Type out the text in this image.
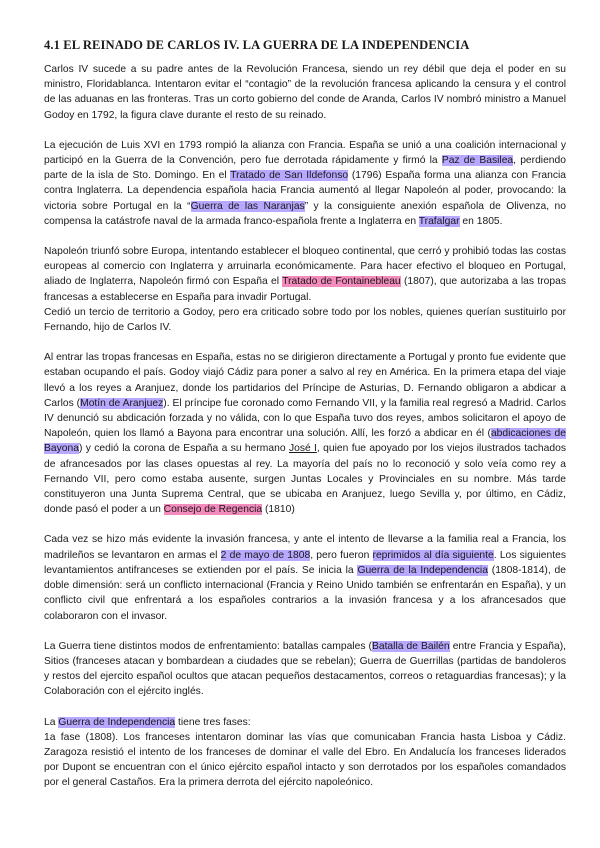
4.1 EL REINADO DE CARLOS IV. LA GUERRA DE LA INDEPENDENCIA

Carlos IV sucede a su padre antes de la Revolución Francesa, siendo un rey débil que deja el poder en su ministro, Floridablanca. Intentaron evitar el “contagio” de la revolución francesa aplicando la censura y el control de las aduanas en las fronteras. Tras un corto gobierno del conde de Aranda, Carlos IV nombró ministro a Manuel Godoy en 1792, la figura clave durante el resto de su reinado.

La ejecución de Luis XVI en 1793 rompió la alianza con Francia. España se unió a una coalición internacional y participó en la Guerra de la Convención, pero fue derrotada rápidamente y firmó la Paz de Basilea, perdiendo parte de la isla de Sto. Domingo. En el Tratado de San Ildefonso (1796) España forma una alianza con Francia contra Inglaterra. La dependencia española hacia Francia aumentó al llegar Napoleón al poder, provocando: la victoria sobre Portugal en la “Guerra de las Naranjas” y la consiguiente anexión española de Olivenza, no compensa la catástrofe naval de la armada franco-española frente a Inglaterra en Trafalgar en 1805.

Napoleón triunfó sobre Europa, intentando establecer el bloqueo continental, que cerró y prohibió todas las costas europeas al comercio con Inglaterra y arruinarla económicamente. Para hacer efectivo el bloqueo en Portugal, aliado de Inglaterra, Napoleón firmó con España el Tratado de Fontainebleau (1807), que autorizaba a las tropas francesas a establecerse en España para invadir Portugal.

Cedió un tercio de territorio a Godoy, pero era criticado sobre todo por los nobles, quienes querían sustituirlo por Fernando, hijo de Carlos IV.

Al entrar las tropas francesas en España, estas no se dirigieron directamente a Portugal y pronto fue evidente que estaban ocupando el país. Godoy viajó Cádiz para poner a salvo al rey en América. En la primera etapa del viaje llevó a los reyes a Aranjuez, donde los partidarios del Príncipe de Asturias, D. Fernando obligaron a abdicar a Carlos (Motín de Aranjuez). El príncipe fue coronado como Fernando VII, y la familia real regresó a Madrid. Carlos IV denunció su abdicación forzada y no válida, con lo que España tuvo dos reyes, ambos solicitaron el apoyo de Napoleón, quien los llamó a Bayona para encontrar una solución. Allí, les forzó a abdicar en él (abdicaciones de Bayona) y cedió la corona de España a su hermano José I, quien fue apoyado por los viejos ilustrados tachados de afrancesados por las clases opuestas al rey. La mayoría del país no lo reconoció y solo veía como rey a Fernando VII, pero como estaba ausente, surgen Juntas Locales y Provinciales en su nombre. Más tarde constituyeron una Junta Suprema Central, que se ubicaba en Aranjuez, luego Sevilla y, por último, en Cádiz, donde pasó el poder a un Consejo de Regencia (1810)

Cada vez se hizo más evidente la invasión francesa, y ante el intento de llevarse a la familia real a Francia, los madrileños se levantaron en armas el 2 de mayo de 1808, pero fueron reprimidos al día siguiente. Los siguientes levantamientos antifranceses se extienden por el país. Se inicia la Guerra de la Independencia (1808-1814), de doble dimensión: será un conflicto internacional (Francia y Reino Unido también se enfrentarán en España), y un conflicto civil que enfrentará a los españoles contrarios a la invasión francesa y a los afrancesados que colaboraron con el invasor.

La Guerra tiene distintos modos de enfrentamiento: batallas campales (Batalla de Bailén entre Francia y España), Sitios (franceses atacan y bombardean a ciudades que se rebelan); Guerra de Guerrillas (partidas de bandoleros y restos del ejercito español ocultos que atacan pequeños destacamentos, correos o retaguardias francesas); y la Colaboración con el ejército inglés.

La Guerra de Independencia tiene tres fases:

1a fase (1808). Los franceses intentaron dominar las vías que comunicaban Francia hasta Lisboa y Cádiz. Zaragoza resistió el intento de los franceses de dominar el valle del Ebro. En Andalucía los franceses liderados por Dupont se encuentran con el único ejército español intacto y son derrotados por los españoles comandados por el general Castaños. Era la primera derrota del ejército napoleónico.
